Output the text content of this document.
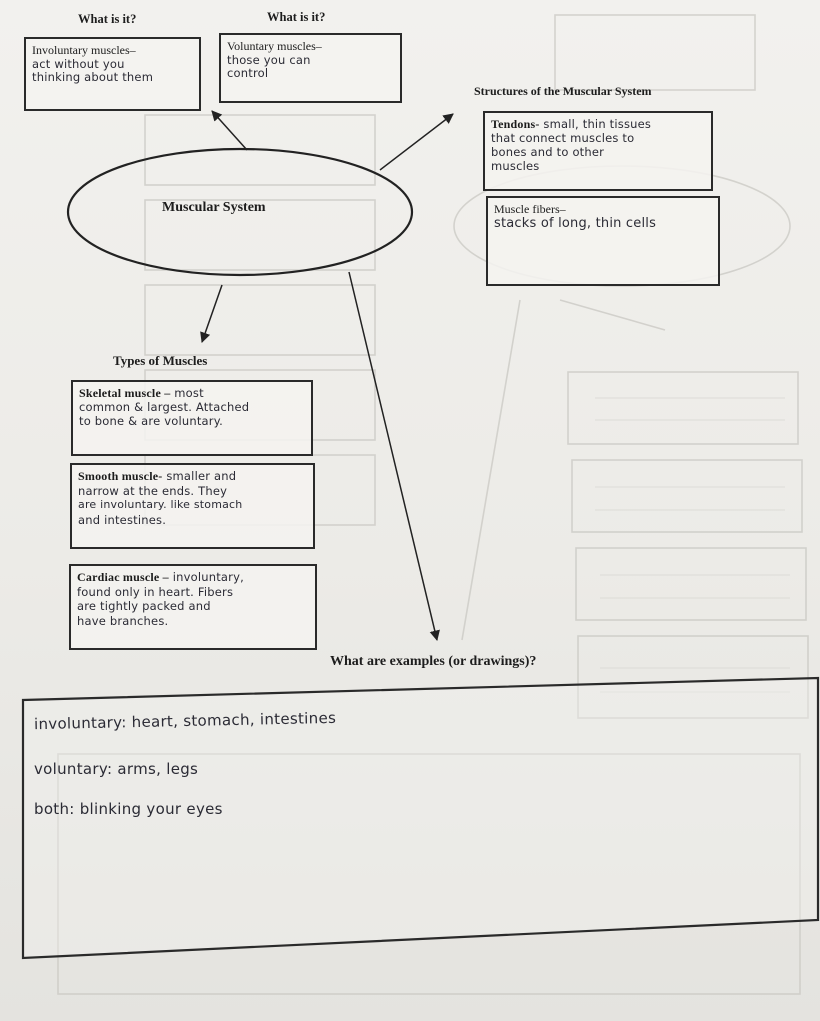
Muscular System
What is it?	What is it?
Involuntary muscles–
act without you
thinking about them
Voluntary muscles–
those you can
control
Structures of the Muscular System
Tendons- small, thin tissues
that connect muscles to
bones and to other
muscles
Muscle fibers–
stacks of long, thin cells
Types of Muscles
Skeletal muscle – most
common & largest. Attached
to bone & are voluntary.
Smooth muscle- smaller and
narrow at the ends. They
are involuntary. like stomach
and intestines.
Cardiac muscle – involuntary,
found only in heart. Fibers
are tightly packed and
have branches.
What are examples (or drawings)?
involuntary: heart, stomach, intestines
voluntary: arms, legs
both: blinking your eyes
